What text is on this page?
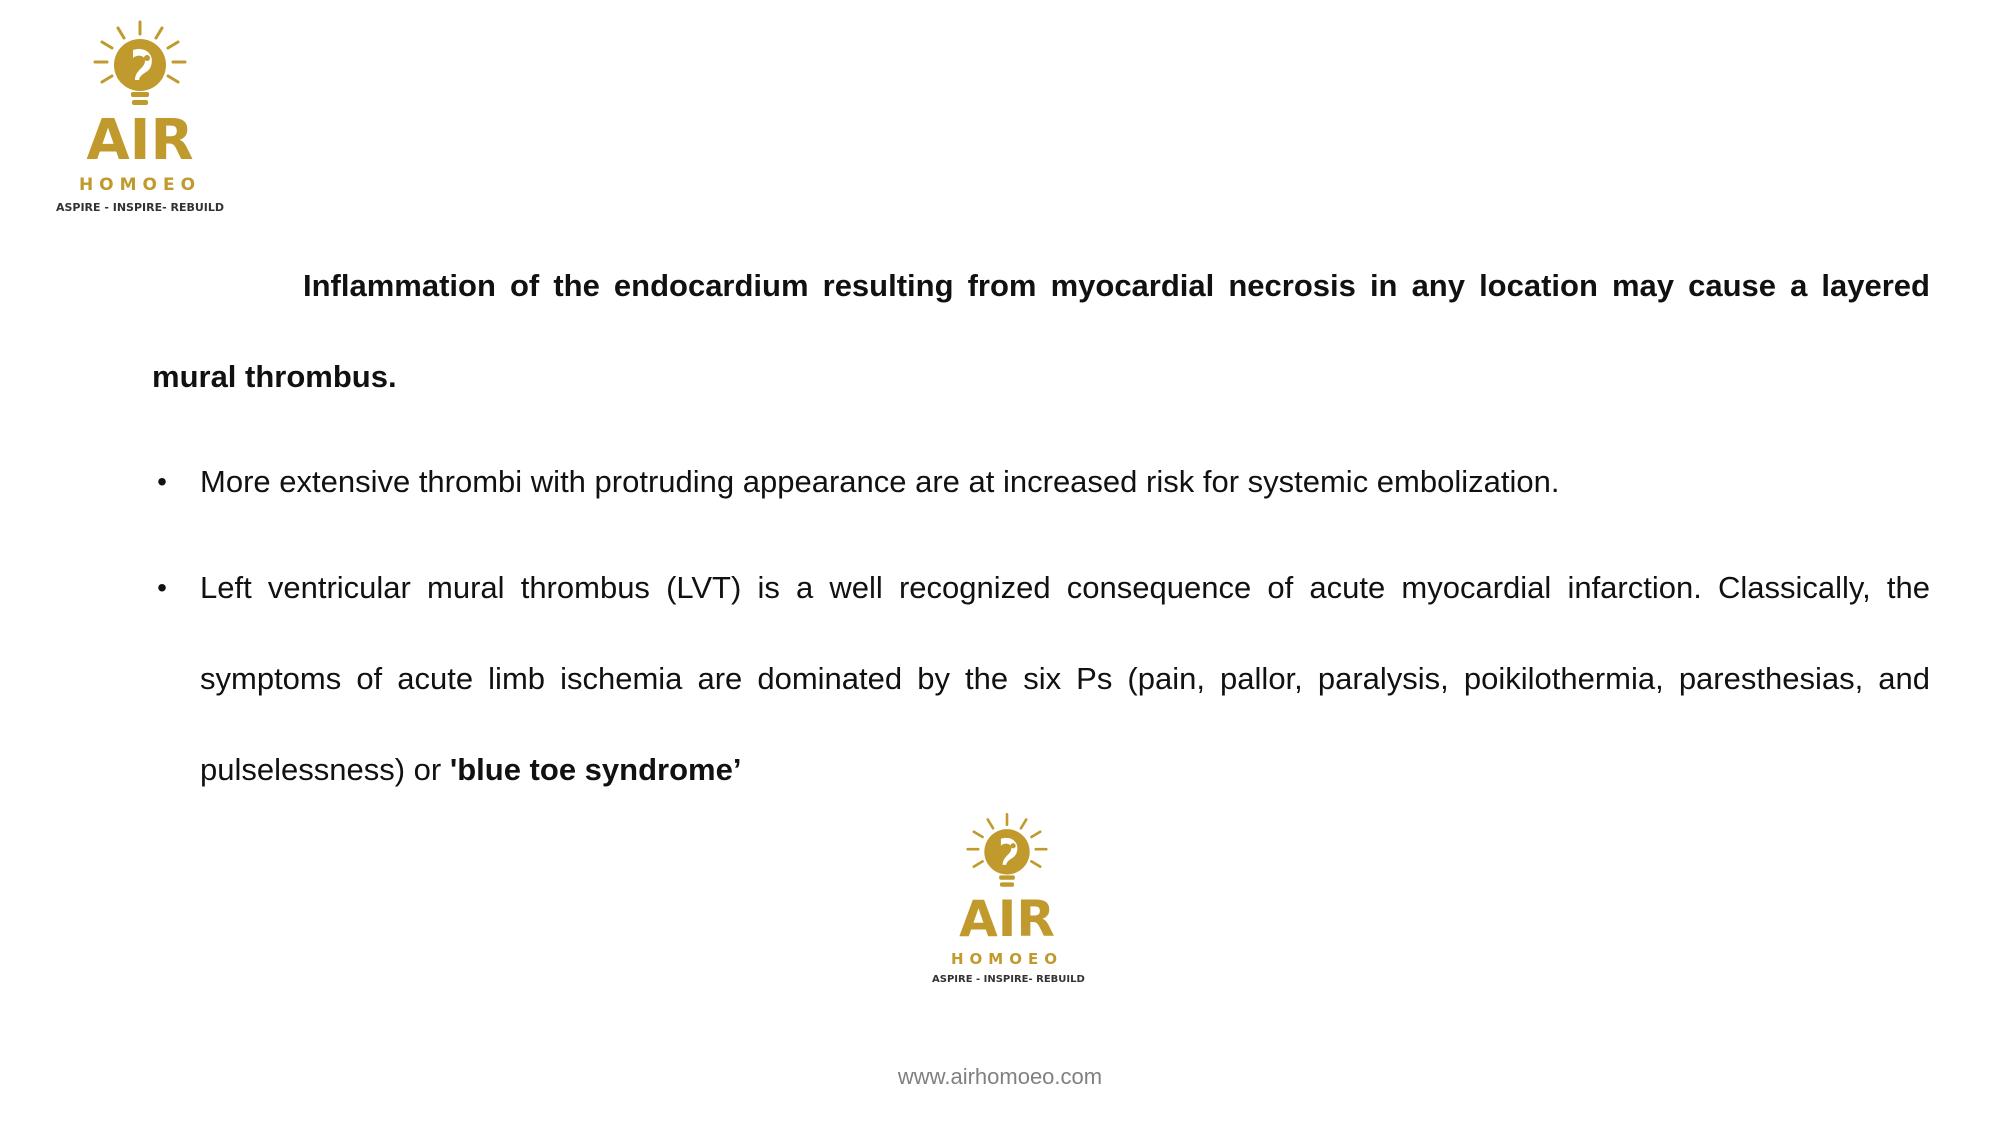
AIR
HOMOEO
ASPIRE - INSPIRE- REBUILD

Inflammation of the endocardium resulting from myocardial necrosis in any location may cause a layered mural thrombus.

• More extensive thrombi with protruding appearance are at increased risk for systemic embolization.
• Left ventricular mural thrombus (LVT) is a well recognized consequence of acute myocardial infarction. Classically, the symptoms of acute limb ischemia are dominated by the six Ps (pain, pallor, paralysis, poikilothermia, paresthesias, and pulselessness) or 'blue toe syndrome’
AIR
HOMOEO
ASPIRE - INSPIRE- REBUILD
www.airhomoeo.com
